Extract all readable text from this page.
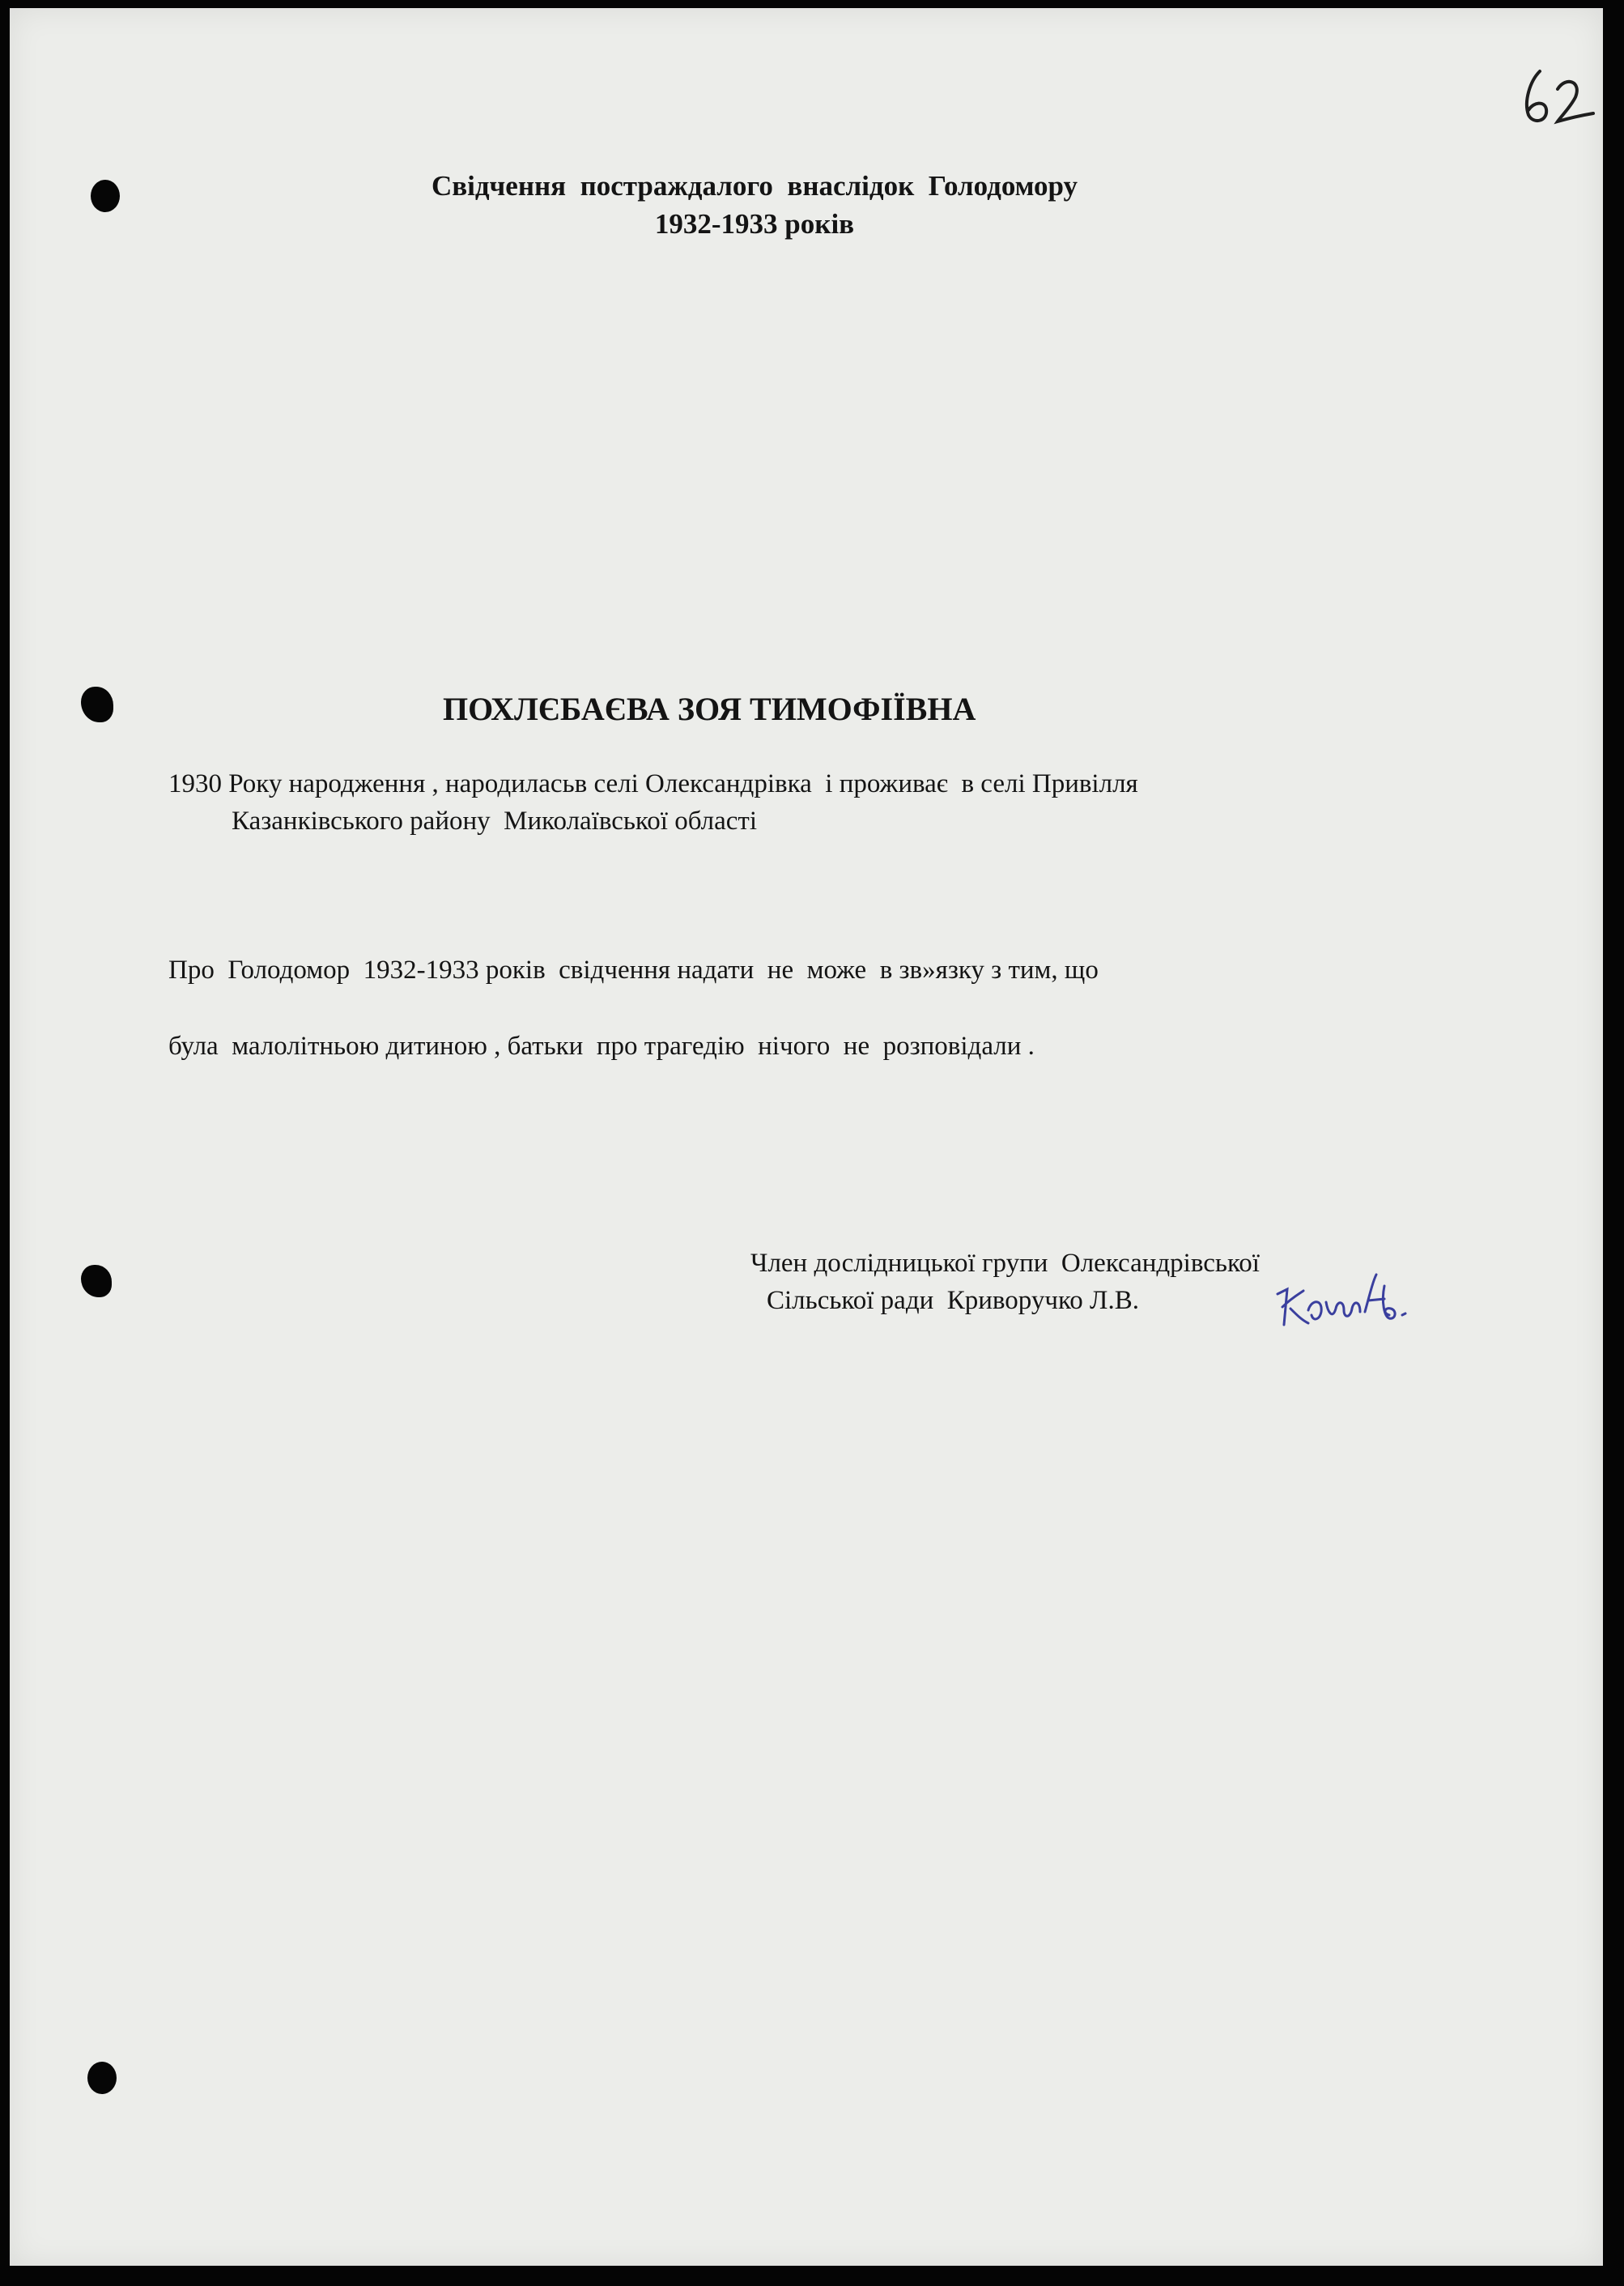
Свідчення  постраждалого  внаслідок  Голодомору
1932-1933 років
ПОХЛЄБАЄВА ЗОЯ ТИМОФІЇВНА
1930 Року народження , народиласьв селі Олександрівка  і проживає  в селі Привілля
Казанківського району  Миколаївської області
Про  Голодомор  1932-1933 років  свідчення надати  не  може  в зв»язку з тим, що
була  малолітньою дитиною , батьки  про трагедію  нічого  не  розповідали .
Член дослідницької групи  Олександрівської
Сільської ради  Криворучко Л.В.
